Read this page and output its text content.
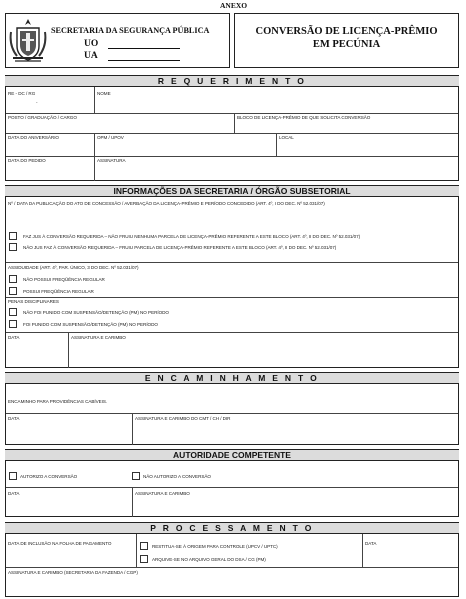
ANEXO
SECRETARIA DA SEGURANÇA PÚBLICA
UO
UA
CONVERSÃO DE LICENÇA-PRÊMIO
EM PECÚNIA
R E Q U E R I M E N T O
RE - DC / RG
-
NOME
POSTO / GRADUAÇÃO / CARGO	BLOCO DE LICENÇA-PRÊMIO DE QUE SOLICITA CONVERSÃO
DATA DO ANIVERSÁRIO	OPM / UPOV	LOCAL
DATA DO PEDIDO	ASSINATURA
INFORMAÇÕES DA SECRETARIA / ÓRGÃO SUBSETORIAL
Nº / DATA DA PUBLICAÇÃO DO ATO DE CONCESSÃO / AVERBAÇÃO DA LICENÇA-PRÊMIO E PERÍODO CONCEDIDO (ART. 4º, I DO DEC. Nº 52.031/07)
FAZ JUS À CONVERSÃO REQUERIDA – NÃO FRUIU NENHUMA PARCELA DE LICENÇA-PRÊMIO REFERENTE A ESTE BLOCO (ART. 4º, II DO DEC. Nº 52.031/07)
NÃO JUS FAZ À CONVERSÃO REQUERIDA – FRUIU PARCELA DE LICENÇA-PRÊMIO REFERENTE A ESTE BLOCO (ART. 4º, II DO DEC. Nº 52.031/07)
ASSIDUIDADE (ART. 4º, PAR. ÚNICO, 3 DO DEC. Nº 52.031/07)
NÃO POSSUI FREQÜÊNCIA REGULAR
POSSUI FREQÜÊNCIA REGULAR
PENAS DISCIPLINARES
NÃO FOI PUNIDO COM SUSPENSÃO/DETENÇÃO (PM) NO PERÍODO
FOI PUNIDO COM SUSPENSÃO/DETENÇÃO (PM) NO PERÍODO
DATA	ASSINATURA E CARIMBO
E N C A M I N H A M E N T O
ENCAMINHO PARA PROVIDÊNCIAS CABÍVEIS.
DATA	ASSINATURA E CARIMBO DO CMT / CH / DIR
AUTORIDADE COMPETENTE
AUTORIZO A CONVERSÃO	NÃO AUTORIZO A CONVERSÃO
DATA	ASSINATURA E CARIMBO
P R O C E S S A M E N T O
DATA DE INCLUSÃO NA FOLHA DE PAGAMENTO
RESTITUA-SE À ORIGEM PARA CONTROLE (UPCV / UPTC)
ARQUIVE-SE NO ARQUIVO GERAL DO DSA / CG (PM)
DATA
ASSINATURA E CARIMBO (SECRETARIA DA FAZENDA / CGP)
